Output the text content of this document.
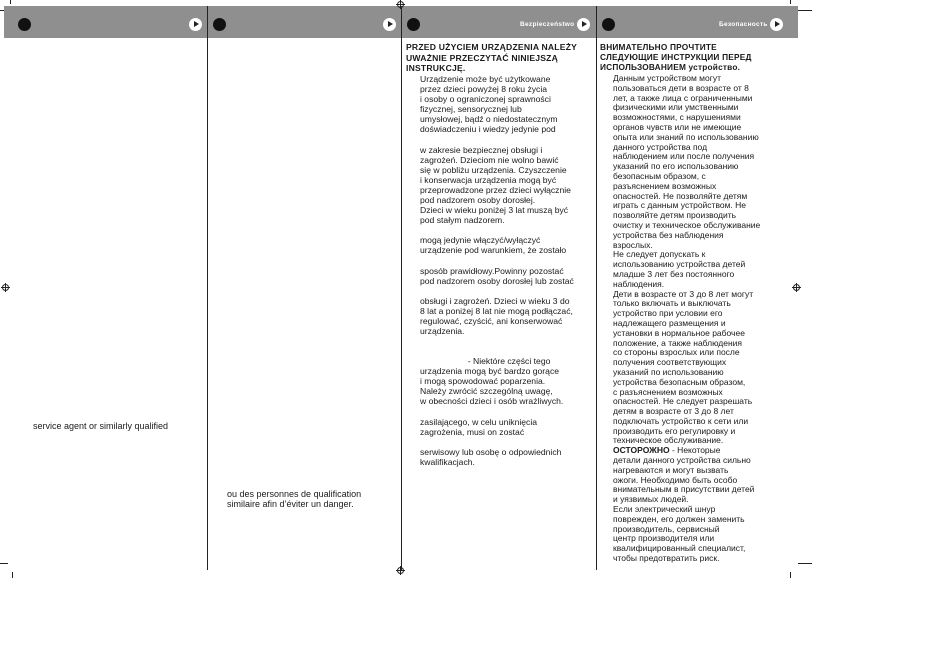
Bezpieczeństwo	Безопасность
service agent or similarly qualified
ou des personnes de qualification
similaire afin d’éviter un danger.
PRZED UŻYCIEM URZĄDZENIA NALEŻY
UWAŻNIE PRZECZYTAĆ NINIEJSZĄ
INSTRUKCJĘ.
Urządzenie może być użytkowane
przez dzieci powyżej 8 roku życia
i osoby o ograniczonej sprawności
fizycznej, sensorycznej lub
umysłowej, bądź o niedostatecznym
doświadczeniu i wiedzy jedynie pod
w zakresie bezpiecznej obsługi i
zagrożeń. Dzieciom nie wolno bawić
się w pobliżu urządzenia. Czyszczenie
i konserwacja urządzenia mogą być
przeprowadzone przez dzieci wyłącznie
pod nadzorem osoby dorosłej.
Dzieci w wieku poniżej 3 lat muszą być
pod stałym nadzorem.
mogą jedynie włączyć/wyłączyć
urządzenie pod warunkiem, że zostało
sposób prawidłowy.Powinny pozostać
pod nadzorem osoby dorosłej lub zostać
obsługi i zagrożeń. Dzieci w wieku 3 do
8 lat a poniżej 8 lat nie mogą podłączać,
regulować, czyścić, ani konserwować
urządzenia.
- Niektóre części tego
urządzenia mogą być bardzo gorące
i mogą spowodować poparzenia.
Należy zwrócić szczególną uwagę,
w obecności dzieci i osób wrażliwych.
zasilającego, w celu uniknięcia
zagrożenia, musi on zostać
serwisowy lub osobę o odpowiednich
kwalifikacjach.
ВНИМАТЕЛЬНО ПРОЧТИТЕ
СЛЕДУЮЩИЕ ИНСТРУКЦИИ ПЕРЕД
ИСПОЛЬЗОВАНИЕМ устройство.
Данным устройством могут
пользоваться дети в возрасте от 8
лет, а также лица с ограниченными
физическими или умственными
возможностями, с нарушениями
органов чувств или не имеющие
опыта или знаний по использованию
данного устройства под
наблюдением или после получения
указаний по его использованию
безопасным образом, с
разъяснением возможных
опасностей. Не позволяйте детям
играть с данным устройством. Не
позволяйте детям производить
очистку и техническое обслуживание
устройства без наблюдения
взрослых.
Не следует допускать к
использованию устройства детей
младше 3 лет без постоянного
наблюдения.
Дети в возрасте от 3 до 8 лет могут
только включать и выключать
устройство при условии его
надлежащего размещения и
установки в нормальное рабочее
положение, а также наблюдения
со стороны взрослых или после
получения соответствующих
указаний по использованию
устройства безопасным образом,
с разъяснением возможных
опасностей. Не следует разрешать
детям в возрасте от 3 до 8 лет
подключать устройство к сети или
производить его регулировку и
техническое обслуживание.
ОСТОРОЖНО - Некоторые
детали данного устройства сильно
нагреваются и могут вызвать
ожоги. Необходимо быть особо
внимательным в присутствии детей
и уязвимых людей.
Если электрический шнур
поврежден, его должен заменить
производитель, сервисный
центр производителя или
квалифицированный специалист,
чтобы предотвратить риск.
